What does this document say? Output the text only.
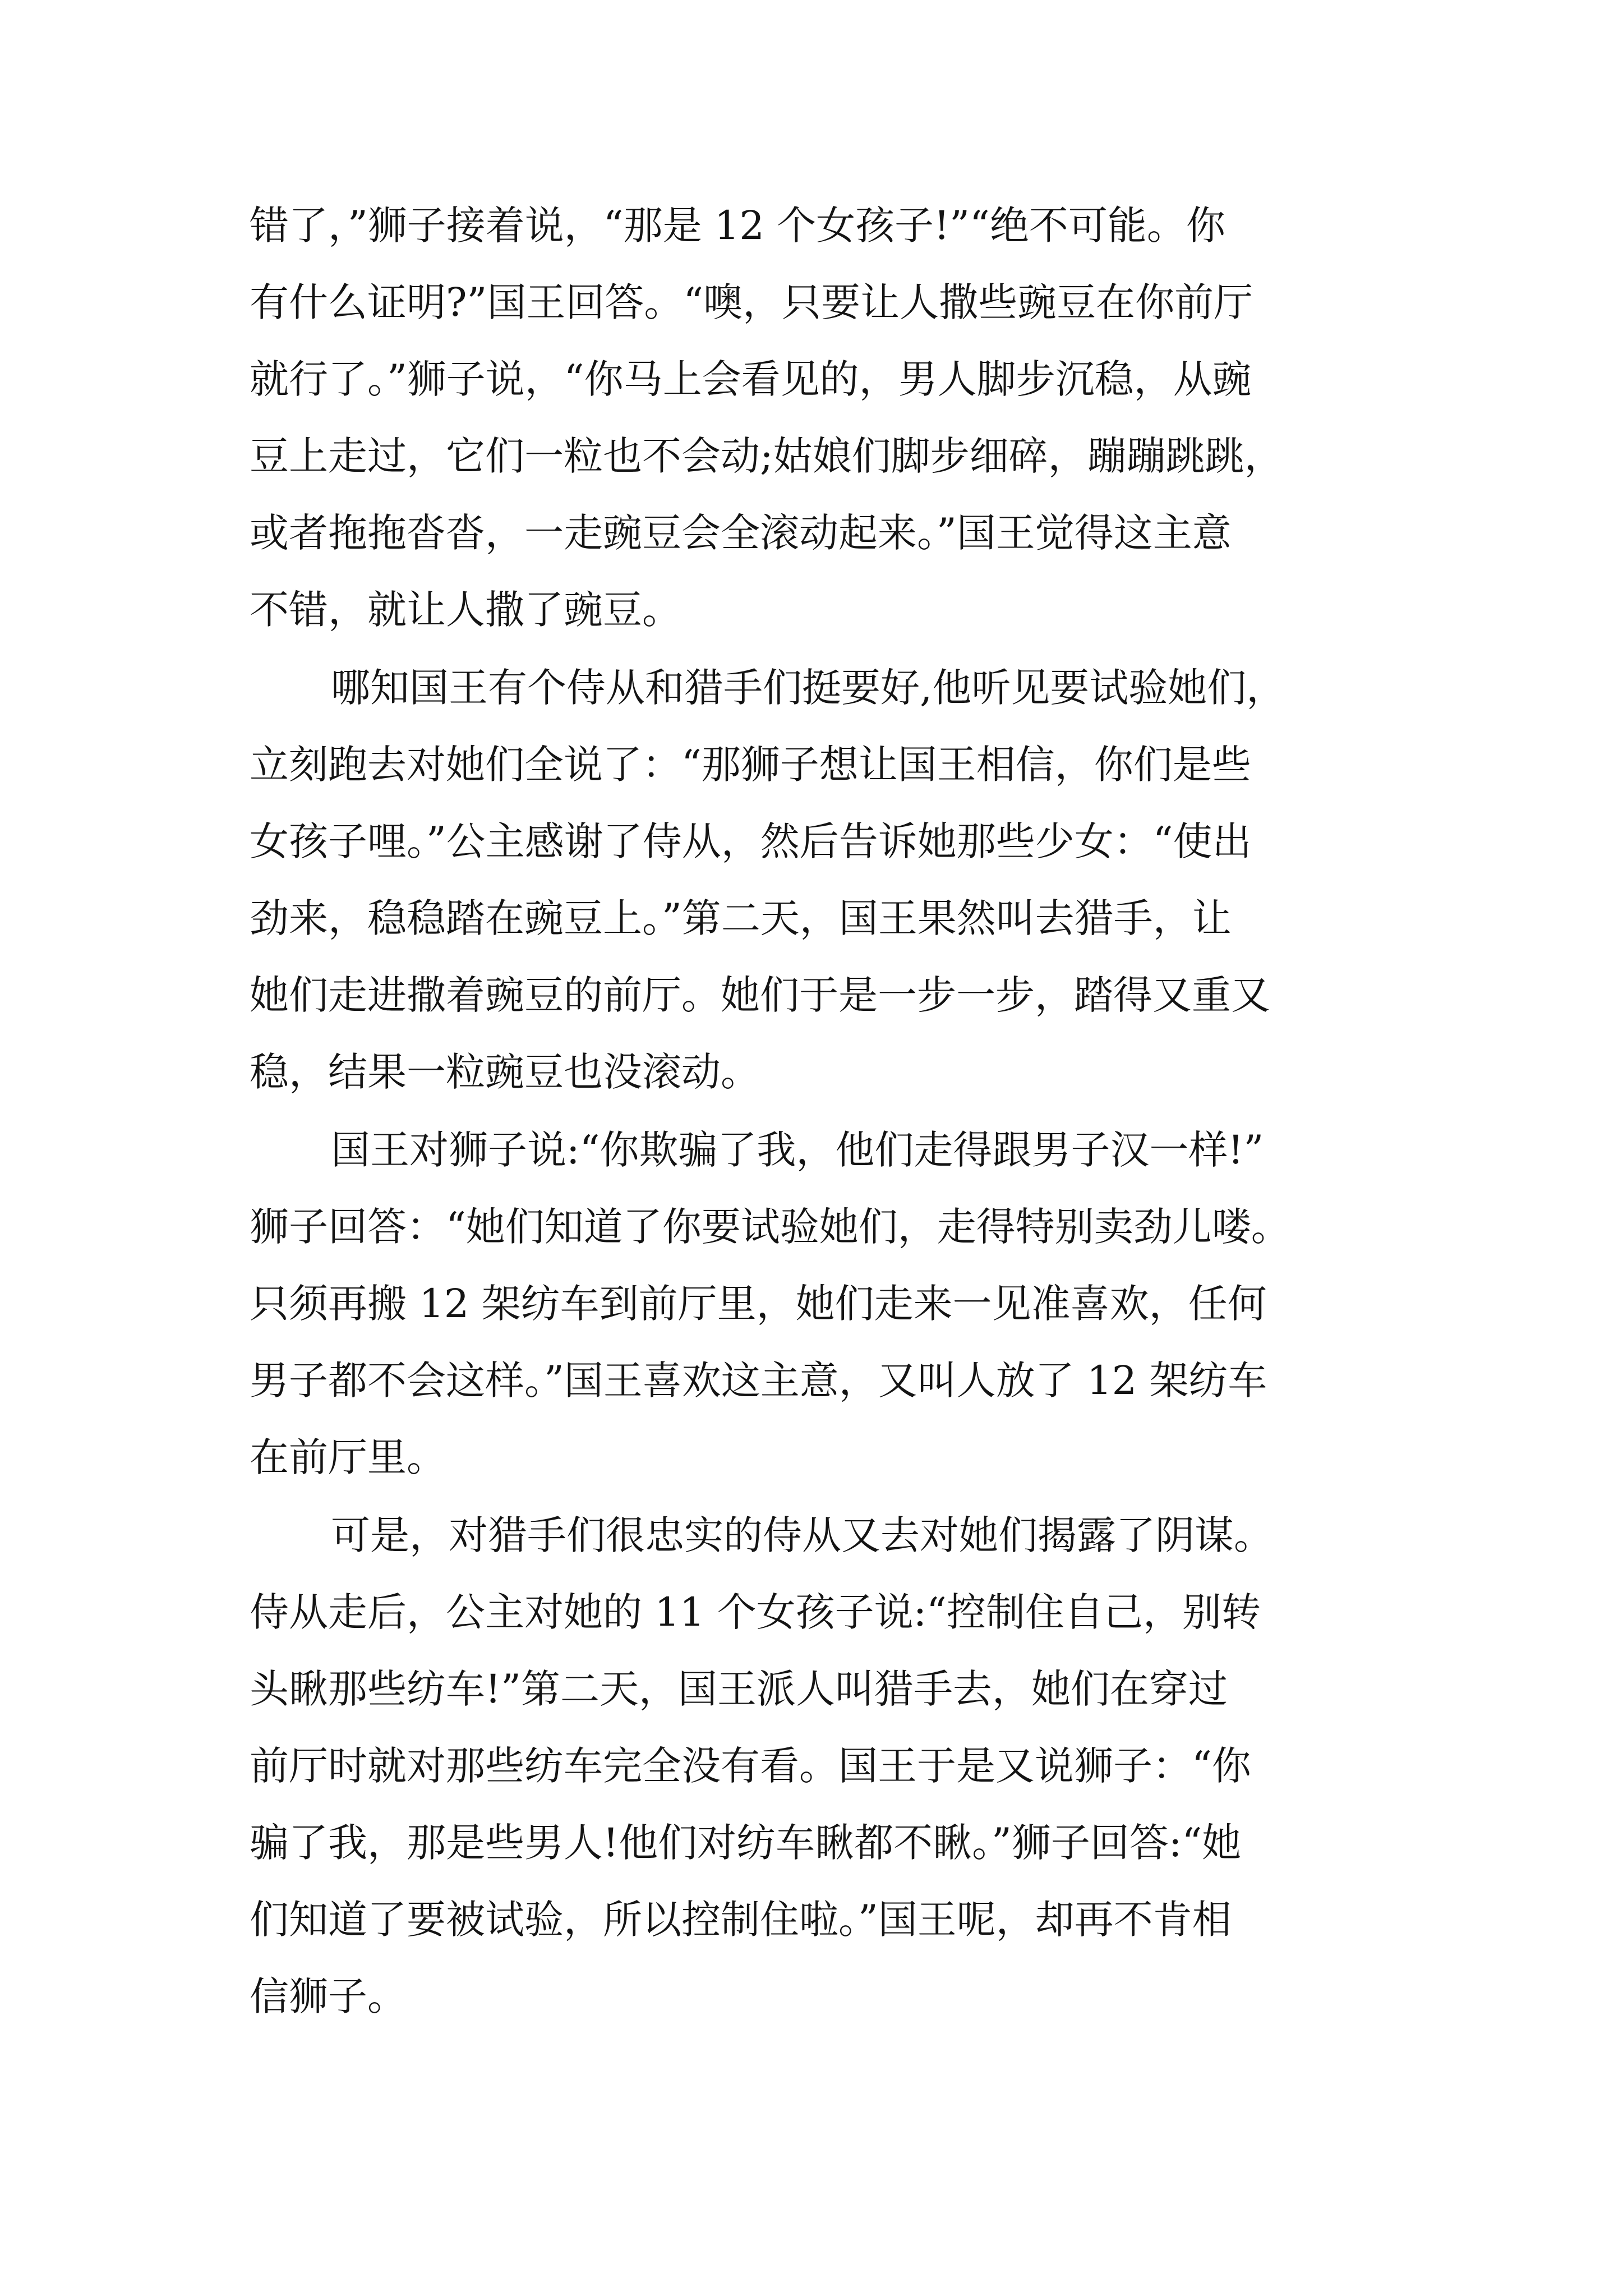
错了，”狮子接着说，“那是 12 个女孩子!”“绝不可能。你
有什么证明?”国王回答。“噢，只要让人撒些豌豆在你前厅
就行了。”狮子说，“你马上会看见的，男人脚步沉稳，从豌
豆上走过，它们一粒也不会动;姑娘们脚步细碎，蹦蹦跳跳，
或者拖拖沓沓，一走豌豆会全滚动起来。”国王觉得这主意
不错，就让人撒了豌豆。
哪知国王有个侍从和猎手们挺要好,他听见要试验她们，
立刻跑去对她们全说了：“那狮子想让国王相信，你们是些
女孩子哩。”公主感谢了侍从，然后告诉她那些少女：“使出
劲来，稳稳踏在豌豆上。”第二天，国王果然叫去猎手，让
她们走进撒着豌豆的前厅。她们于是一步一步，踏得又重又
稳，结果一粒豌豆也没滚动。
国王对狮子说:“你欺骗了我，他们走得跟男子汉一样!”
狮子回答：“她们知道了你要试验她们，走得特别卖劲儿喽。
只须再搬 12 架纺车到前厅里，她们走来一见准喜欢，任何
男子都不会这样。”国王喜欢这主意，又叫人放了 12 架纺车
在前厅里。
可是，对猎手们很忠实的侍从又去对她们揭露了阴谋。
侍从走后，公主对她的 11 个女孩子说:“控制住自己，别转
头瞅那些纺车!”第二天，国王派人叫猎手去，她们在穿过
前厅时就对那些纺车完全没有看。国王于是又说狮子：“你
骗了我，那是些男人!他们对纺车瞅都不瞅。”狮子回答:“她
们知道了要被试验，所以控制住啦。”国王呢，却再不肯相
信狮子。
